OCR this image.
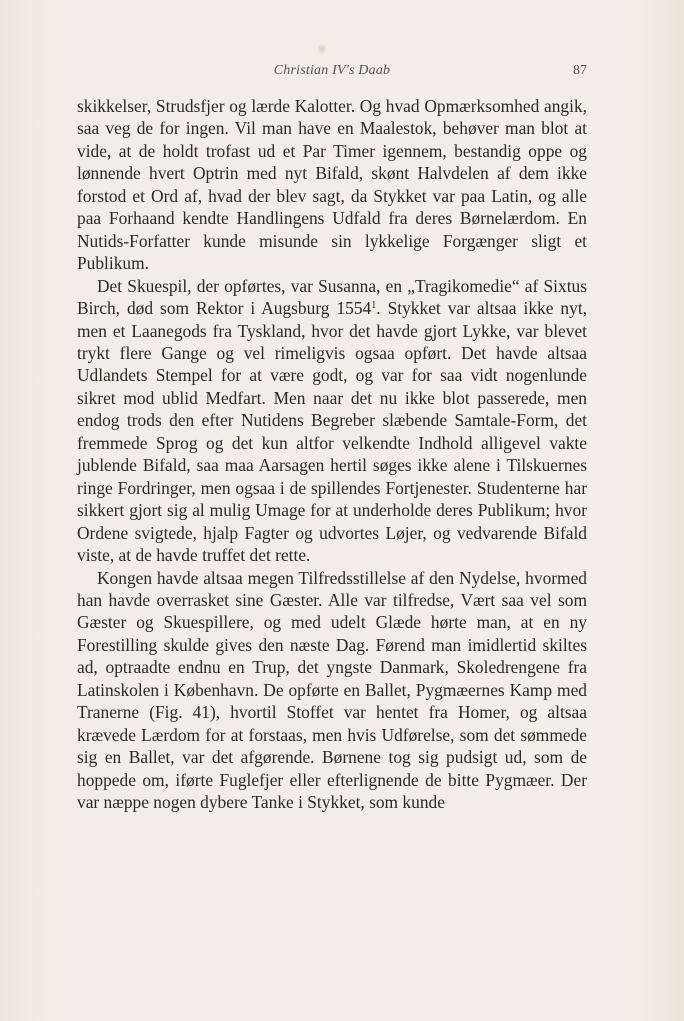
Christian IV's Daab	87

skikkelser, Strudsfjer og lærde Kalotter. Og hvad Opmærksomhed angik, saa veg de for ingen. Vil man have en Maalestok, behøver man blot at vide, at de holdt trofast ud et Par Timer igennem, bestandig oppe og lønnende hvert Optrin med nyt Bifald, skønt Halvdelen af dem ikke forstod et Ord af, hvad der blev sagt, da Stykket var paa Latin, og alle paa Forhaand kendte Handlingens Udfald fra deres Børnelærdom. En Nutids-Forfatter kunde misunde sin lykkelige Forgænger sligt et Publikum.

Det Skuespil, der opførtes, var Susanna, en „Tragikomedie“ af Sixtus Birch, død som Rektor i Augsburg 1554$^1$. Stykket var altsaa ikke nyt, men et Laanegods fra Tyskland, hvor det havde gjort Lykke, var blevet trykt flere Gange og vel rimeligvis ogsaa opført. Det havde altsaa Udlandets Stempel for at være godt, og var for saa vidt nogenlunde sikret mod ublid Medfart. Men naar det nu ikke blot passerede, men endog trods den efter Nutidens Begreber slæbende Samtale-Form, det fremmede Sprog og det kun altfor velkendte Indhold alligevel vakte jublende Bifald, saa maa Aarsagen hertil søges ikke alene i Tilskuernes ringe Fordringer, men ogsaa i de spillendes Fortjenester. Studenterne har sikkert gjort sig al mulig Umage for at underholde deres Publikum; hvor Ordene svigtede, hjalp Fagter og udvortes Løjer, og vedvarende Bifald viste, at de havde truffet det rette.

Kongen havde altsaa megen Tilfredsstillelse af den Nydelse, hvormed han havde overrasket sine Gæster. Alle var tilfredse, Vært saa vel som Gæster og Skuespillere, og med udelt Glæde hørte man, at en ny Forestilling skulde gives den næste Dag. Førend man imidlertid skiltes ad, optraadte endnu en Trup, det yngste Danmark, Skoledrengene fra Latinskolen i København. De opførte en Ballet, Pygmæernes Kamp med Tranerne (Fig. 41), hvortil Stoffet var hentet fra Homer, og altsaa krævede Lærdom for at forstaas, men hvis Udførelse, som det sømmede sig en Ballet, var det afgørende. Børnene tog sig pudsigt ud, som de hoppede om, iførte Fuglefjer eller efterlignende de bitte Pygmæer. Der var næppe nogen dybere Tanke i Stykket, som kunde
